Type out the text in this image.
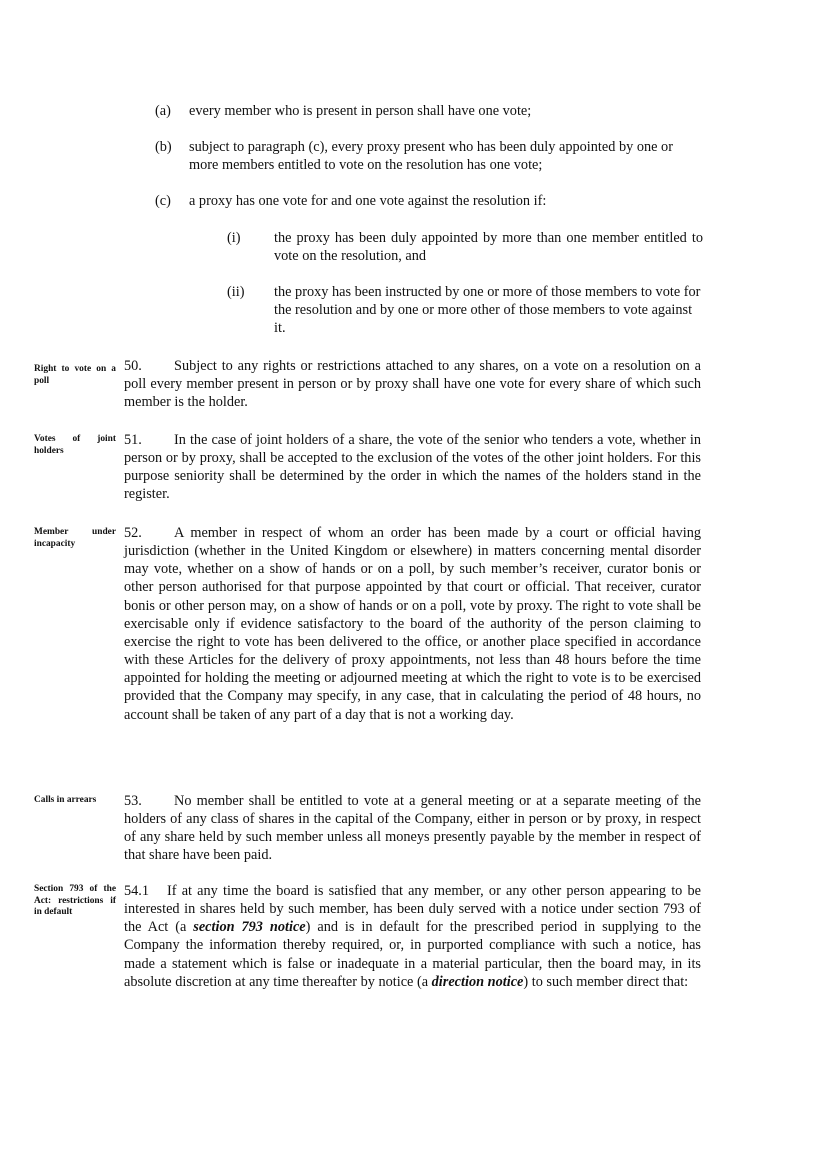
(a) every member who is present in person shall have one vote;
(b) subject to paragraph (c), every proxy present who has been duly appointed by one or more members entitled to vote on the resolution has one vote;
(c) a proxy has one vote for and one vote against the resolution if:
(i) the proxy has been duly appointed by more than one member entitled to vote on the resolution, and
(ii) the proxy has been instructed by one or more of those members to vote for the resolution and by one or more other of those members to vote against it.
Right to vote on a poll
50. Subject to any rights or restrictions attached to any shares, on a vote on a resolution on a poll every member present in person or by proxy shall have one vote for every share of which such member is the holder.
Votes of joint holders
51. In the case of joint holders of a share, the vote of the senior who tenders a vote, whether in person or by proxy, shall be accepted to the exclusion of the votes of the other joint holders. For this purpose seniority shall be determined by the order in which the names of the holders stand in the register.
Member under incapacity
52. A member in respect of whom an order has been made by a court or official having jurisdiction (whether in the United Kingdom or elsewhere) in matters concerning mental disorder may vote, whether on a show of hands or on a poll, by such member’s receiver, curator bonis or other person authorised for that purpose appointed by that court or official. That receiver, curator bonis or other person may, on a show of hands or on a poll, vote by proxy. The right to vote shall be exercisable only if evidence satisfactory to the board of the authority of the person claiming to exercise the right to vote has been delivered to the office, or another place specified in accordance with these Articles for the delivery of proxy appointments, not less than 48 hours before the time appointed for holding the meeting or adjourned meeting at which the right to vote is to be exercised provided that the Company may specify, in any case, that in calculating the period of 48 hours, no account shall be taken of any part of a day that is not a working day.
Calls in arrears	53. No member shall be entitled to vote at a general meeting or at a separate meeting of the holders of any class of shares in the capital of the Company, either in person or by proxy, in respect of any share held by such member unless all moneys presently payable by the member in respect of that share have been paid.
Section 793 of the Act: restrictions if in default
54.1 If at any time the board is satisfied that any member, or any other person appearing to be interested in shares held by such member, has been duly served with a notice under section 793 of the Act (a section 793 notice) and is in default for the prescribed period in supplying to the Company the information thereby required, or, in purported compliance with such a notice, has made a statement which is false or inadequate in a material particular, then the board may, in its absolute discretion at any time thereafter by notice (a direction notice) to such member direct that:
